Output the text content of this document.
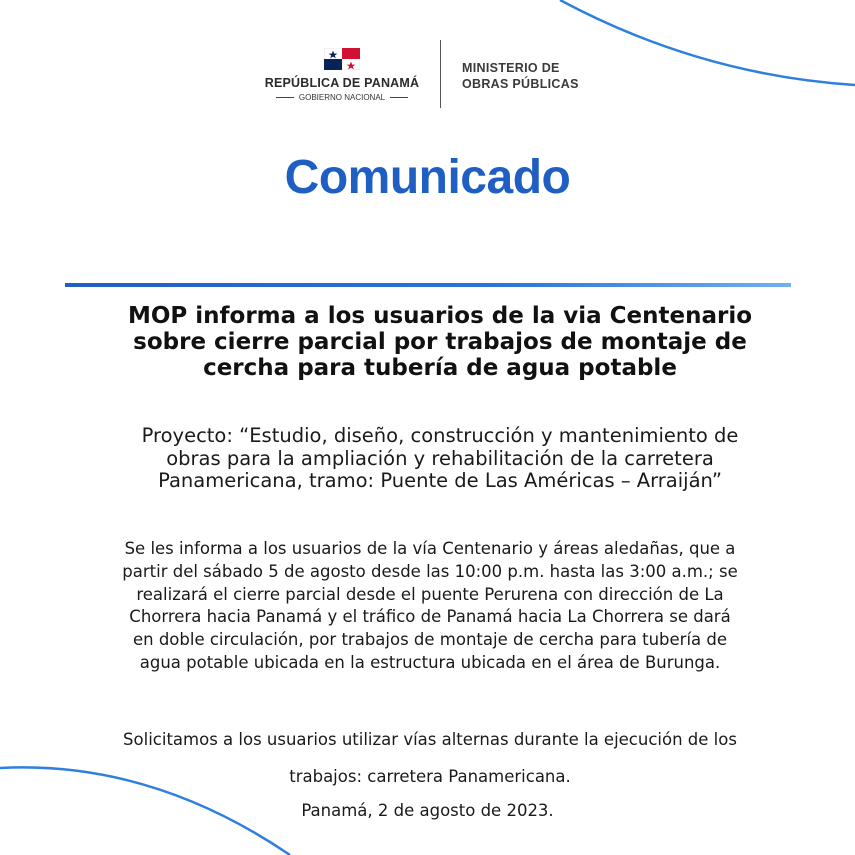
REPÚBLICA DE PANAMÁ
GOBIERNO NACIONAL
MINISTERIO DE
OBRAS PÚBLICAS
Comunicado
MOP informa a los usuarios de la via Centenario
sobre cierre parcial por trabajos de montaje de
cercha para tubería de agua potable
Proyecto: “Estudio, diseño, construcción y mantenimiento de
obras para la ampliación y rehabilitación de la carretera
Panamericana, tramo: Puente de Las Américas – Arraiján”
Se les informa a los usuarios de la vía Centenario y áreas aledañas, que a
partir del sábado 5 de agosto desde las 10:00 p.m. hasta las 3:00 a.m.; se
realizará el cierre parcial desde el puente Perurena con dirección de La
Chorrera hacia Panamá y el tráfico de Panamá hacia La Chorrera se dará
en doble circulación, por trabajos de montaje de cercha para tubería de
agua potable ubicada en la estructura ubicada en el área de Burunga.
Solicitamos a los usuarios utilizar vías alternas durante la ejecución de los
trabajos: carretera Panamericana.
Panamá, 2 de agosto de 2023.
